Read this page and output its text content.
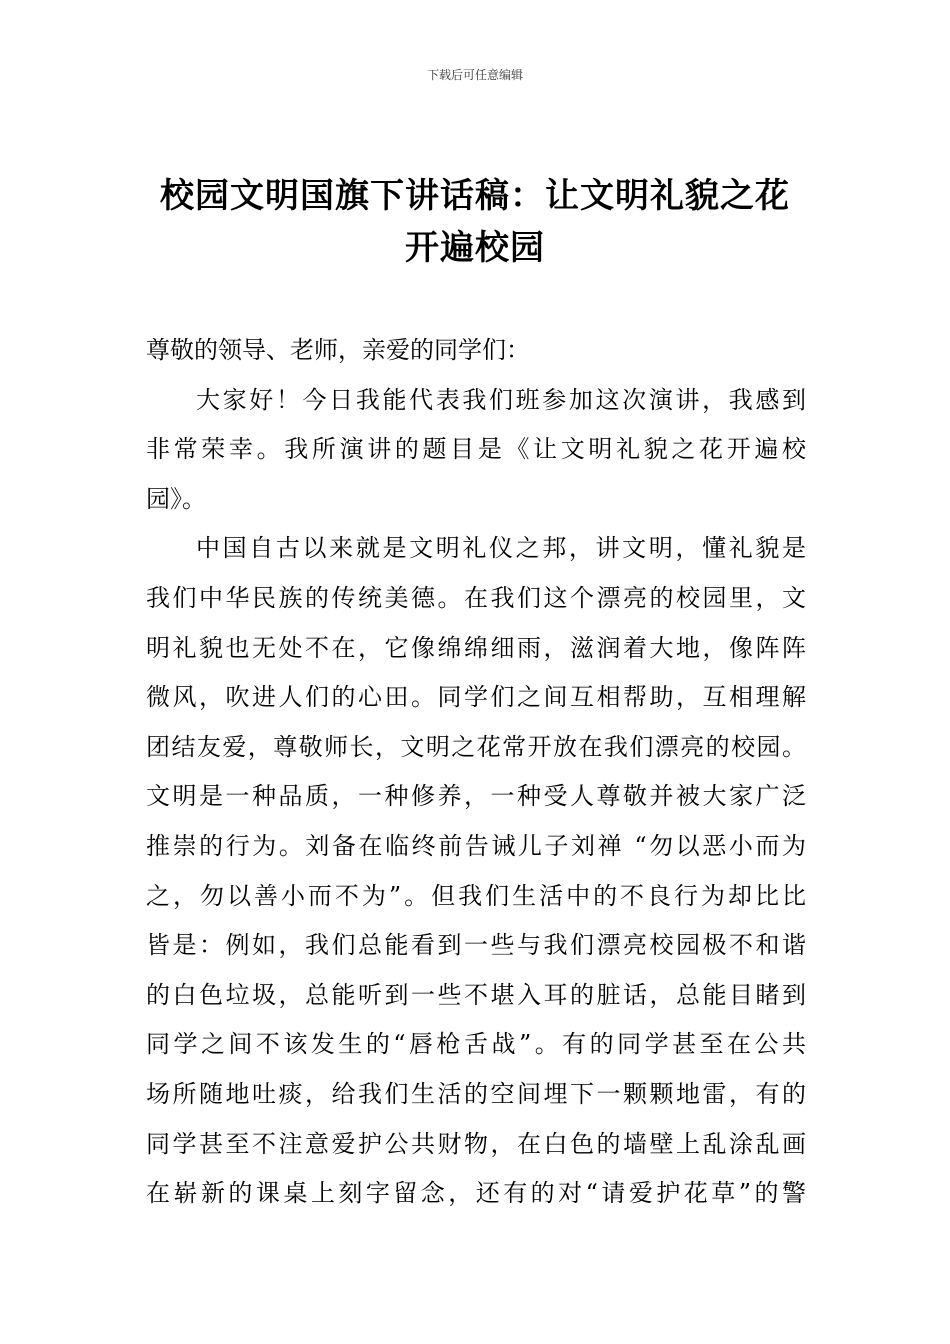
下载后可任意编辑
校园文明国旗下讲话稿：让文明礼貌之花
开遍校园
尊敬的领导、老师，亲爱的同学们：
大家好！今日我能代表我们班参加这次演讲，我感到
非常荣幸。我所演讲的题目是《让文明礼貌之花开遍校
园》。
中国自古以来就是文明礼仪之邦，讲文明，懂礼貌是
我们中华民族的传统美德。在我们这个漂亮的校园里，文
明礼貌也无处不在，它像绵绵细雨，滋润着大地，像阵阵
微风，吹进人们的心田。同学们之间互相帮助，互相理解
团结友爱，尊敬师长，文明之花常开放在我们漂亮的校园。
文明是一种品质，一种修养，一种受人尊敬并被大家广泛
推崇的行为。刘备在临终前告诫儿子刘禅 “勿以恶小而为
之，勿以善小而不为”。但我们生活中的不良行为却比比
皆是：例如，我们总能看到一些与我们漂亮校园极不和谐
的白色垃圾，总能听到一些不堪入耳的脏话，总能目睹到
同学之间不该发生的“唇枪舌战”。有的同学甚至在公共
场所随地吐痰，给我们生活的空间埋下一颗颗地雷，有的
同学甚至不注意爱护公共财物，在白色的墙壁上乱涂乱画
在崭新的课桌上刻字留念，还有的对“请爱护花草”的警
